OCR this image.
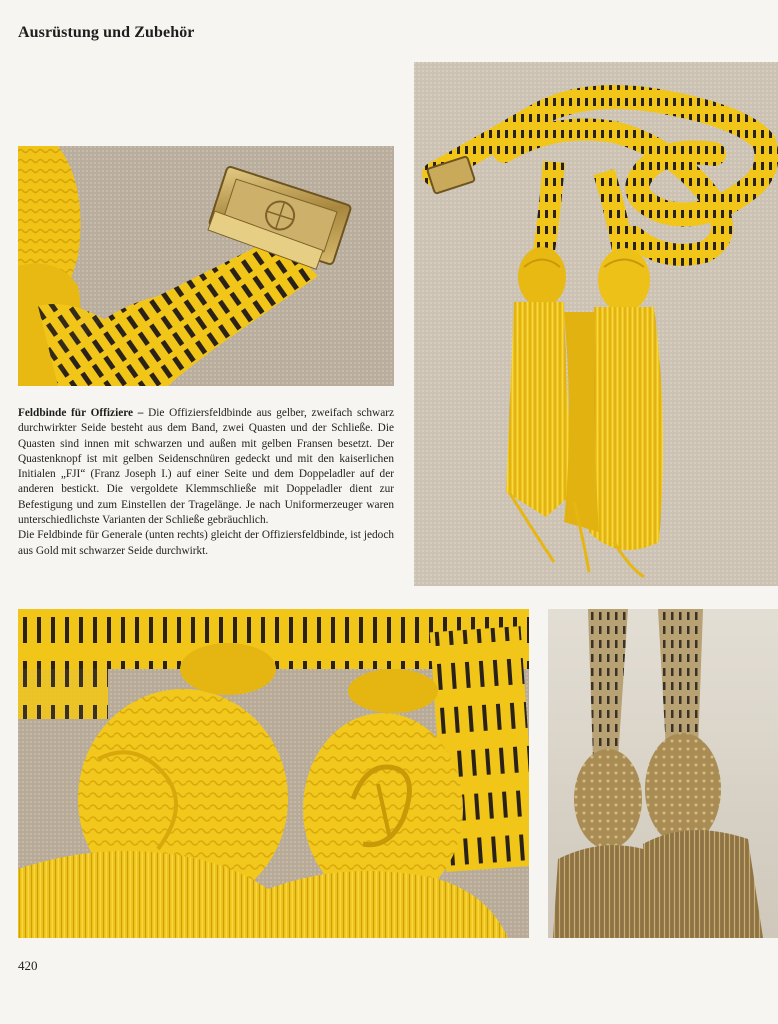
Ausrüstung und Zubehör

Feldbinde für Offiziere – Die Offiziersfeldbinde aus gelber, zweifach schwarz durchwirkter Seide besteht aus dem Band, zwei Quasten und der Schließe. Die Quasten sind innen mit schwarzen und außen mit gelben Fransen besetzt. Der Quastenknopf ist mit gelben Seidenschnüren gedeckt und mit den kaiserlichen Initialen „FJI“ (Franz Joseph I.) auf einer Seite und dem Doppeladler auf der anderen bestickt. Die vergoldete Klemmschließe mit Doppeladler dient zur Befestigung und zum Einstellen der Tragelänge. Je nach Uniformerzeuger waren unterschiedlichste Varianten der Schließe gebräuchlich.

Die Feldbinde für Generale (unten rechts) gleicht der Offiziersfeldbinde, ist jedoch aus Gold mit schwarzer Seide durchwirkt.

420
